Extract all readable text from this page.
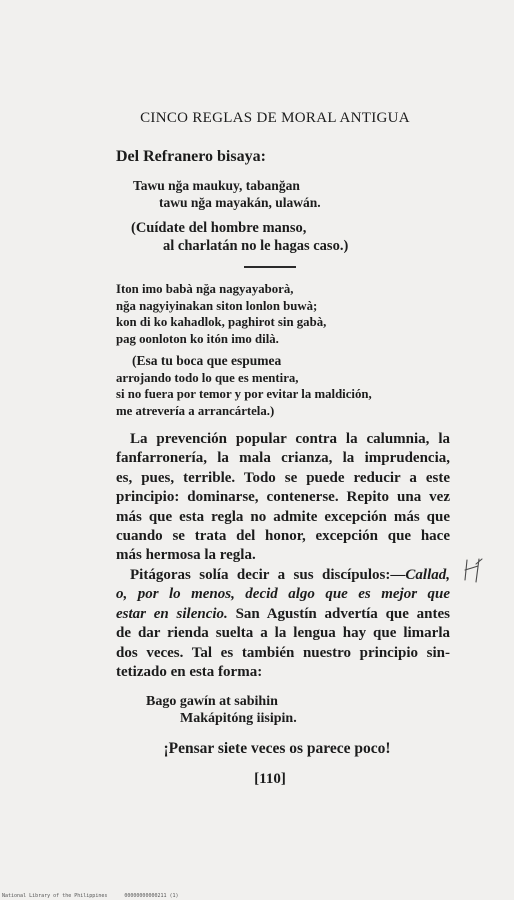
CINCO REGLAS DE MORAL ANTIGUA
Del Refranero bisaya:
Tawu nğa maukuy, tabanğan
tawu nğa mayakán, ulawán.
(Cuídate del hombre manso,
al charlatán no le hagas caso.)
Iton imo babà nğa nagyayaborà,
nğa nagyiyinakan siton lonlon buwà;
kon di ko kahadlok, paghirot sin gabà,
pag oonloton ko itón imo dilà.
(Esa tu boca que espumea
arrojando todo lo que es mentira,
si no fuera por temor y por evitar la maldición,
me atrevería a arrancártela.)
La prevención popular contra la calumnia, la
fanfarronería, la mala crianza, la imprudencia,
es, pues, terrible. Todo se puede reducir a este
principio: dominarse, contenerse. Repito una vez
más que esta regla no admite excepción más que
cuando se trata del honor, excepción que hace
más hermosa la regla.
Pitágoras solía decir a sus discípulos:—Callad,
o, por lo menos, decid algo que es mejor que
estar en silencio. San Agustín advertía que antes
de dar rienda suelta a la lengua hay que limarla
dos veces. Tal es también nuestro principio sin-
tetizado en esta forma:
Bago gawín at sabihin
Makápitóng iisipin.
¡Pensar siete veces os parece poco!
[110]
National Library of the Philippines	00000000000211 (1)
